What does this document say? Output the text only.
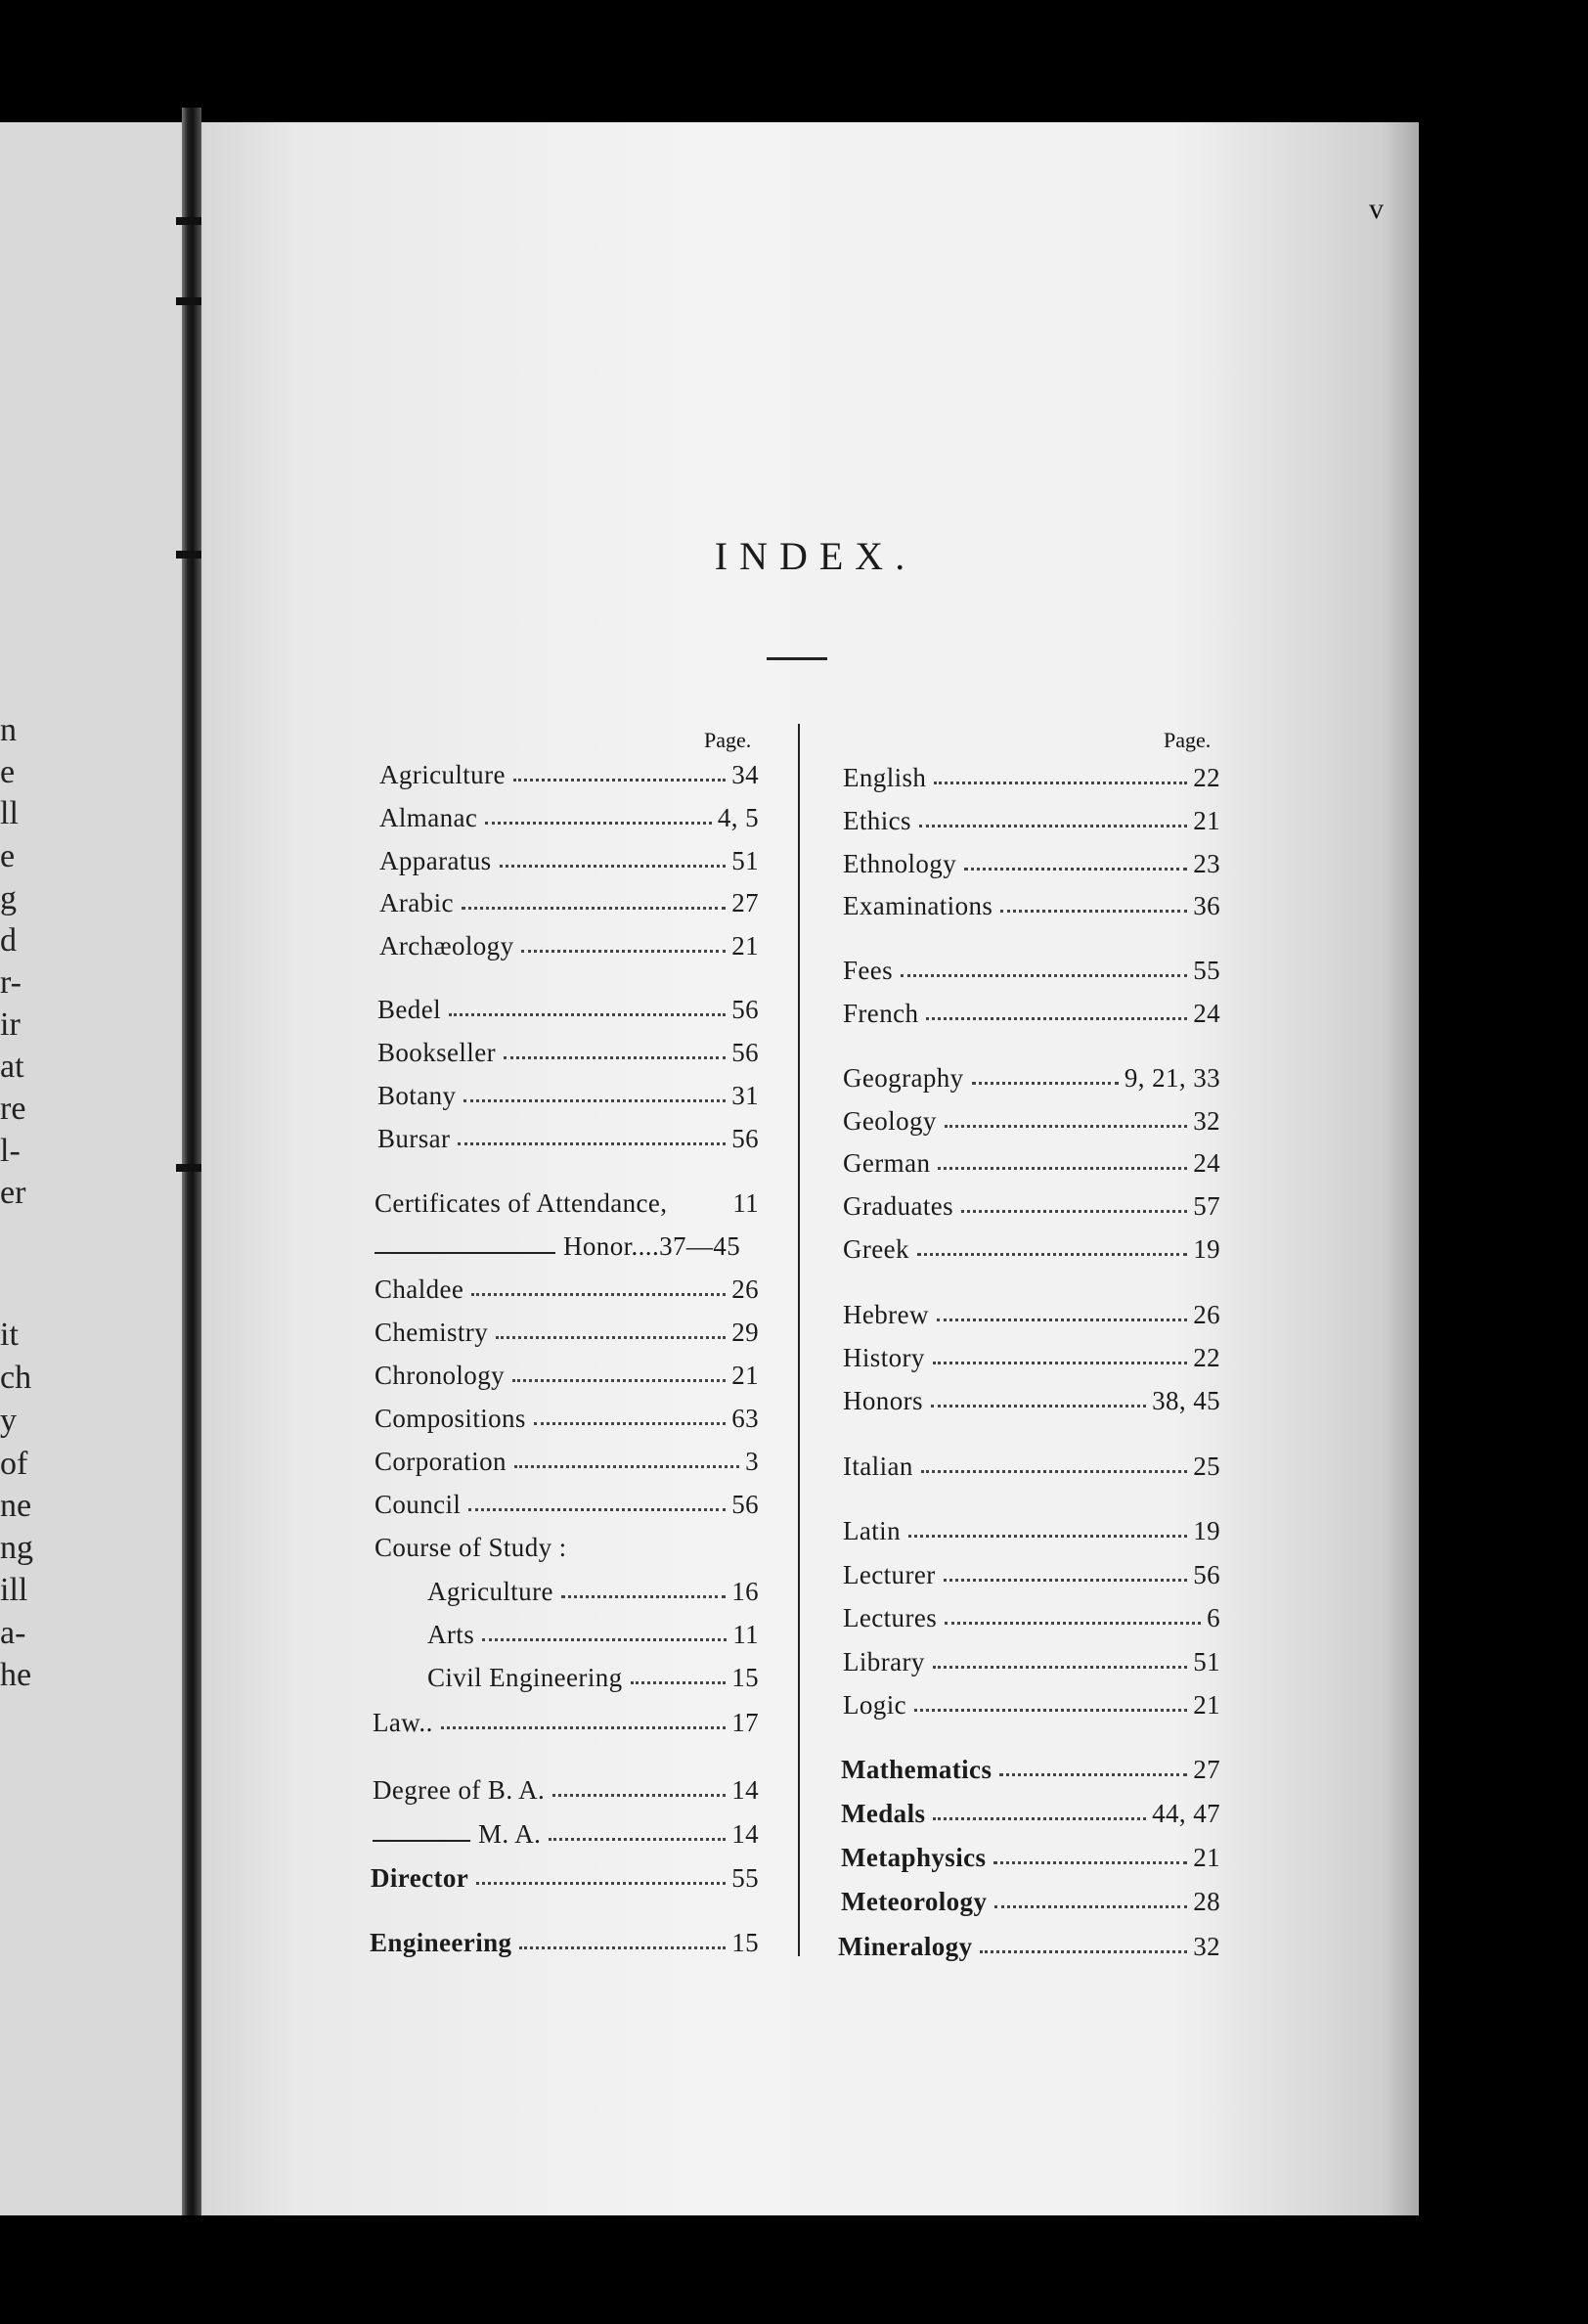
n
e
ll
e
g
d
r-
ir
at
re
l-
er
it
ch
y
of
ne
ng
ill
a-
he
v
INDEX.
Page.	Page.
Agriculture	34
Almanac	4, 5
Apparatus	51
Arabic	27
Archæology	21
Bedel	56
Bookseller	56
Botany	31
Bursar	56
Certificates of Attendance, 11
Honor....37—45
Chaldee	26
Chemistry	29
Chronology	21
Compositions	63
Corporation	3
Council	56
Course of Study :
Agriculture	16
Arts	11
Civil Engineering	15
Law..	17
Degree of B. A.	14
M. A.	14
Director	55
Engineering	15
English	22
Ethics	21
Ethnology	23
Examinations	36
Fees	55
French	24
Geography	9, 21, 33
Geology	32
German	24
Graduates	57
Greek	19
Hebrew	26
History	22
Honors	38, 45
Italian	25
Latin	19
Lecturer	56
Lectures	6
Library	51
Logic	21
Mathematics	27
Medals	44, 47
Metaphysics	21
Meteorology	28
Mineralogy	32
